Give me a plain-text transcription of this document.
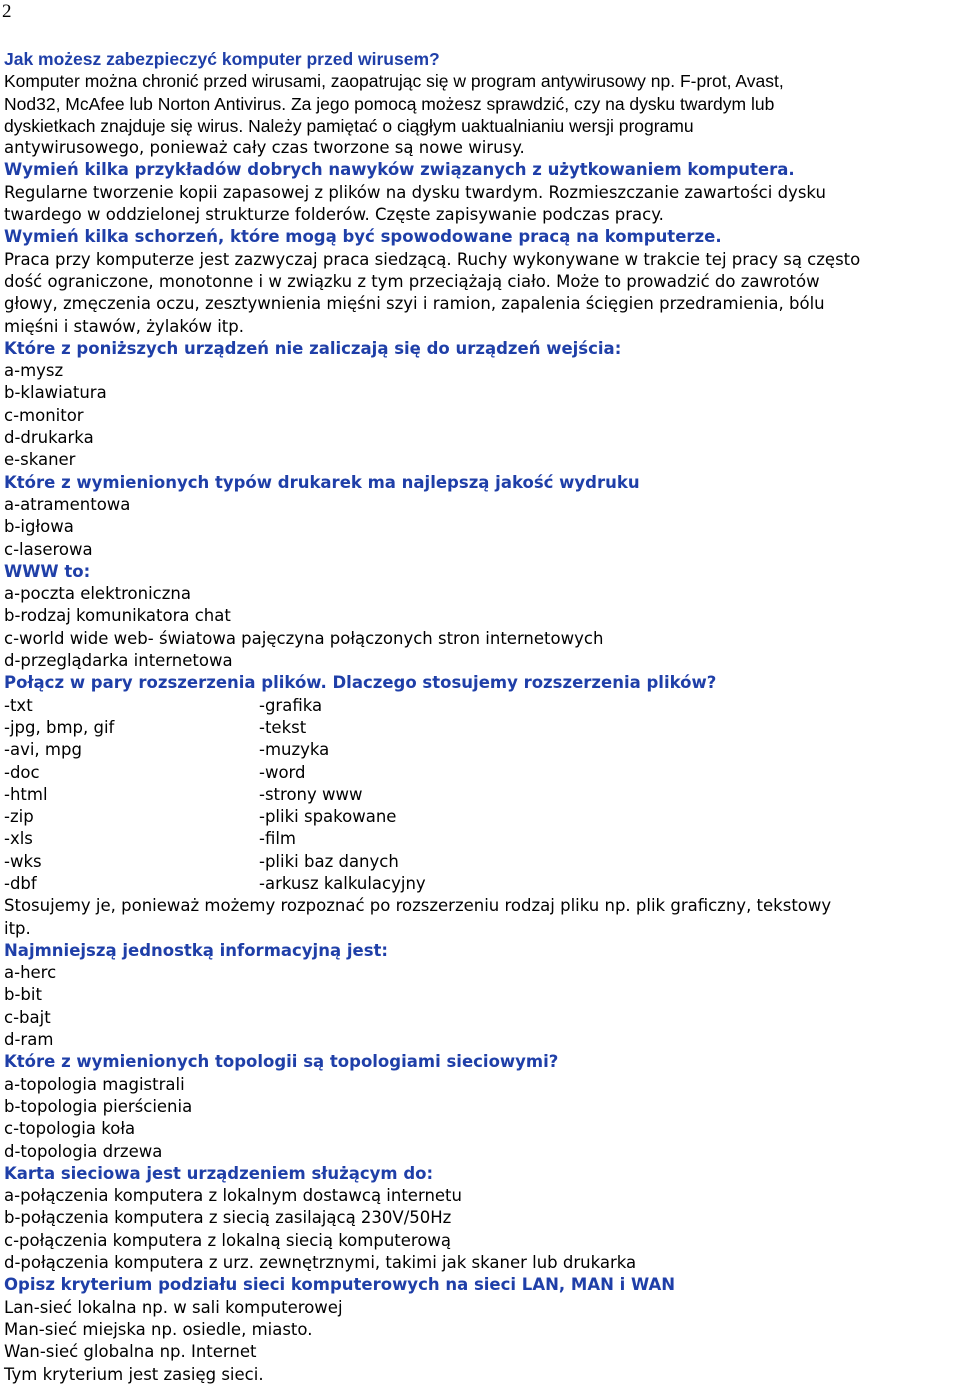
2
Jak możesz zabezpieczyć komputer przed wirusem?
Komputer można chronić przed wirusami, zaopatrując się w program antywirusowy np. F-prot, Avast,
Nod32, McAfee lub Norton Antivirus. Za jego pomocą możesz sprawdzić, czy na dysku twardym lub
dyskietkach znajduje się wirus. Należy pamiętać o ciągłym uaktualnianiu wersji programu
antywirusowego, ponieważ cały czas tworzone są nowe wirusy.
Wymień kilka przykładów dobrych nawyków związanych z użytkowaniem komputera.
Regularne tworzenie kopii zapasowej z plików na dysku twardym. Rozmieszczanie zawartości dysku
twardego w oddzielonej strukturze folderów. Częste zapisywanie podczas pracy.
Wymień kilka schorzeń, które mogą być spowodowane pracą na komputerze.
Praca przy komputerze jest zazwyczaj praca siedzącą. Ruchy wykonywane w trakcie tej pracy są często
dość ograniczone, monotonne i w związku z tym przeciążają ciało. Może to prowadzić do zawrotów
głowy, zmęczenia oczu, zesztywnienia mięśni szyi i ramion, zapalenia ścięgien przedramienia, bólu
mięśni i stawów, żylaków itp.
Które z poniższych urządzeń nie zaliczają się do urządzeń wejścia:
a-mysz
b-klawiatura
c-monitor
d-drukarka
e-skaner
Które z wymienionych typów drukarek ma najlepszą jakość wydruku
a-atramentowa
b-igłowa
c-laserowa
WWW to:
a-poczta elektroniczna
b-rodzaj komunikatora chat
c-world wide web- światowa pajęczyna połączonych stron internetowych
d-przeglądarka internetowa
Połącz w pary rozszerzenia plików. Dlaczego stosujemy rozszerzenia plików?
-txt	-grafika
-jpg, bmp, gif	-tekst
-avi, mpg	-muzyka
-doc	-word
-html	-strony www
-zip	-pliki spakowane
-xls	-film
-wks	-pliki baz danych
-dbf	-arkusz kalkulacyjny
Stosujemy je, ponieważ możemy rozpoznać po rozszerzeniu rodzaj pliku np. plik graficzny, tekstowy
itp.
Najmniejszą jednostką informacyjną jest:
a-herc
b-bit
c-bajt
d-ram
Które z wymienionych topologii są topologiami sieciowymi?
a-topologia magistrali
b-topologia pierścienia
c-topologia koła
d-topologia drzewa
Karta sieciowa jest urządzeniem służącym do:
a-połączenia komputera z lokalnym dostawcą internetu
b-połączenia komputera z siecią zasilającą 230V/50Hz
c-połączenia komputera z lokalną siecią komputerową
d-połączenia komputera z urz. zewnętrznymi, takimi jak skaner lub drukarka
Opisz kryterium podziału sieci komputerowych na sieci LAN, MAN i WAN
Lan-sieć lokalna np. w sali komputerowej
Man-sieć miejska np. osiedle, miasto.
Wan-sieć globalna np. Internet
Tym kryterium jest zasięg sieci.
